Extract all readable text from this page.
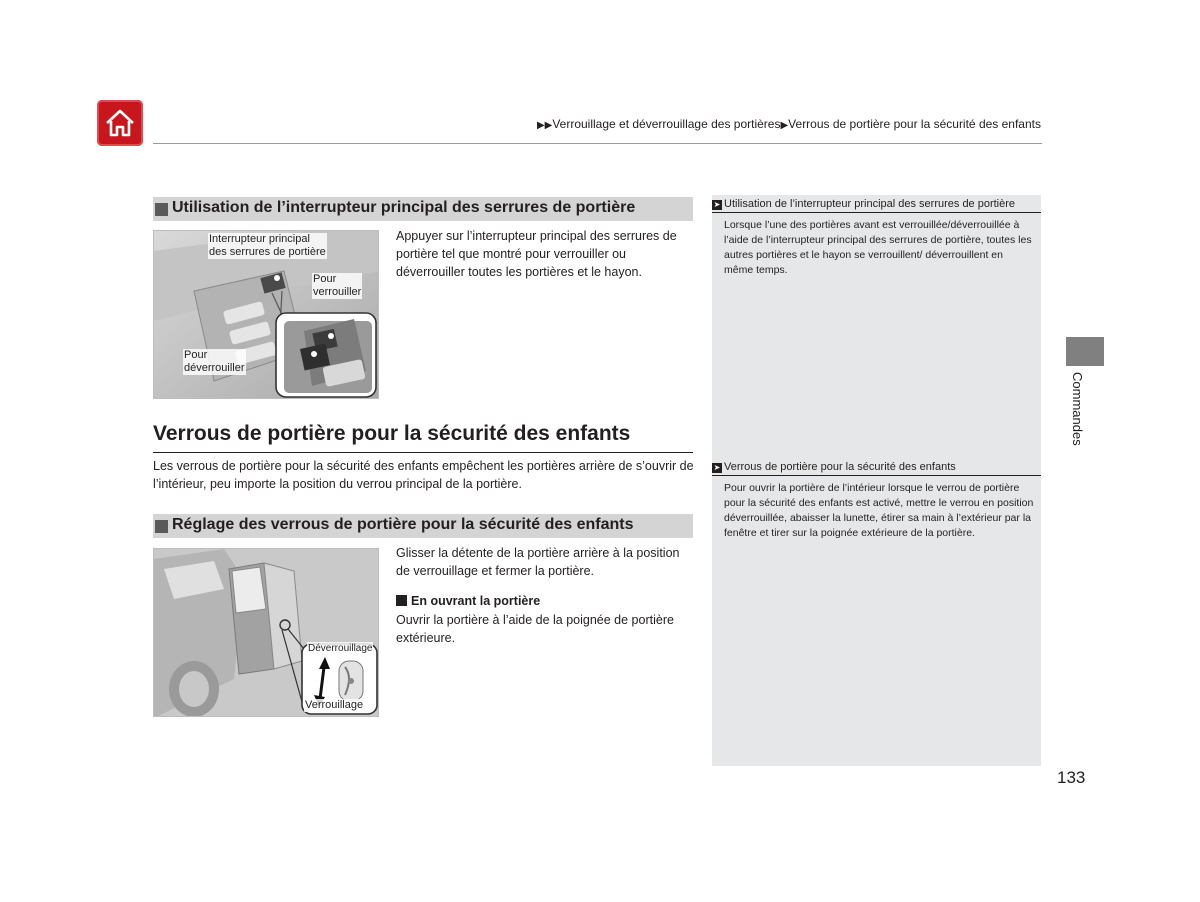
▶▶Verrouillage et déverrouillage des portières▶Verrous de portière pour la sécurité des enfants
Utilisation de l’interrupteur principal des serrures de portière
Interrupteur principal
des serrures de portière
Pour
verrouiller
Pour
déverrouiller
Appuyer sur l’interrupteur principal des serrures de portière tel que montré pour verrouiller ou déverrouiller toutes les portières et le hayon.
Verrous de portière pour la sécurité des enfants
Les verrous de portière pour la sécurité des enfants empêchent les portières arrière de s’ouvrir de l’intérieur, peu importe la position du verrou principal de la portière.
Réglage des verrous de portière pour la sécurité des enfants
Déverrouillage
Verrouillage
Glisser la détente de la portière arrière à la position de verrouillage et fermer la portière.
En ouvrant la portière
Ouvrir la portière à l’aide de la poignée de portière extérieure.
➤ Utilisation de l’interrupteur principal des serrures de portière
Lorsque l’une des portières avant est verrouillée/déverrouillée à l’aide de l’interrupteur principal des serrures de portière, toutes les autres portières et le hayon se verrouillent/ déverrouillent en même temps.
➤ Verrous de portière pour la sécurité des enfants
Pour ouvrir la portière de l’intérieur lorsque le verrou de portière pour la sécurité des enfants est activé, mettre le verrou en position déverrouillée, abaisser la lunette, étirer sa main à l’extérieur par la fenêtre et tirer sur la poignée extérieure de la portière.
Commandes
133
